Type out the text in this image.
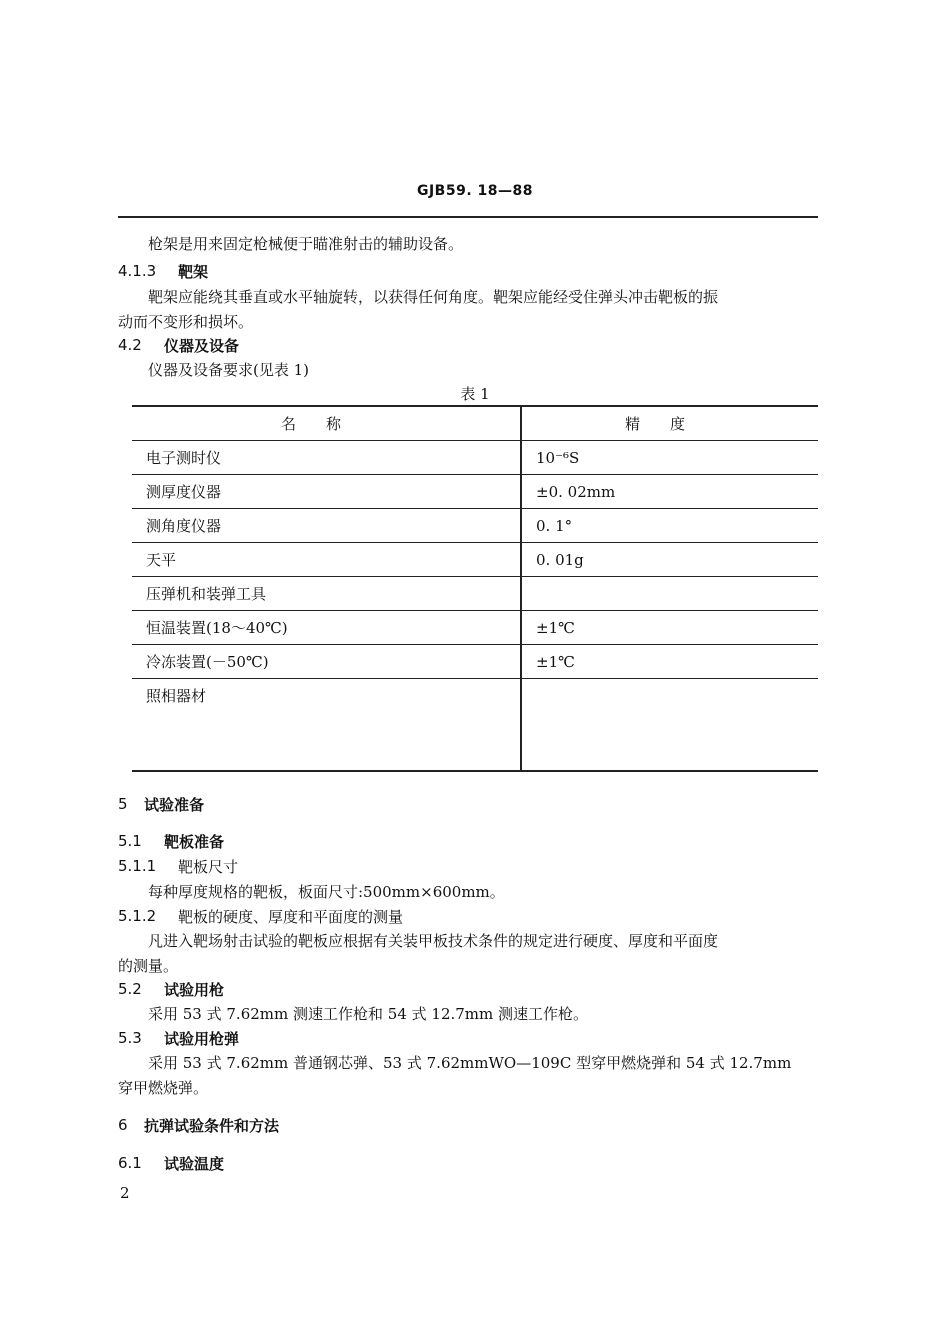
GJB59. 18—88
枪架是用来固定枪械便于瞄准射击的辅助设备。
4.1.3 靶架
靶架应能绕其垂直或水平轴旋转，以获得任何角度。靶架应能经受住弹头冲击靶板的振
动而不变形和损坏。
4.2 仪器及设备
仪器及设备要求(见表 1)
表 1
名称	精度
电子测时仪	10⁻⁶S
测厚度仪器	±0. 02mm
测角度仪器	0. 1°
天平	0. 01g
压弹机和装弹工具	
恒温装置(18～40℃)	±1℃
冷冻装置(－50℃)	±1℃
照相器材	
5 试验准备
5.1 靶板准备
5.1.1 靶板尺寸
每种厚度规格的靶板，板面尺寸:500mm×600mm。
5.1.2 靶板的硬度、厚度和平面度的测量
凡进入靶场射击试验的靶板应根据有关装甲板技术条件的规定进行硬度、厚度和平面度
的测量。
5.2 试验用枪
采用 53 式 7.62mm 测速工作枪和 54 式 12.7mm 测速工作枪。
5.3 试验用枪弹
采用 53 式 7.62mm 普通钢芯弹、53 式 7.62mmWO—109C 型穿甲燃烧弹和 54 式 12.7mm
穿甲燃烧弹。
6 抗弹试验条件和方法
6.1 试验温度
2
